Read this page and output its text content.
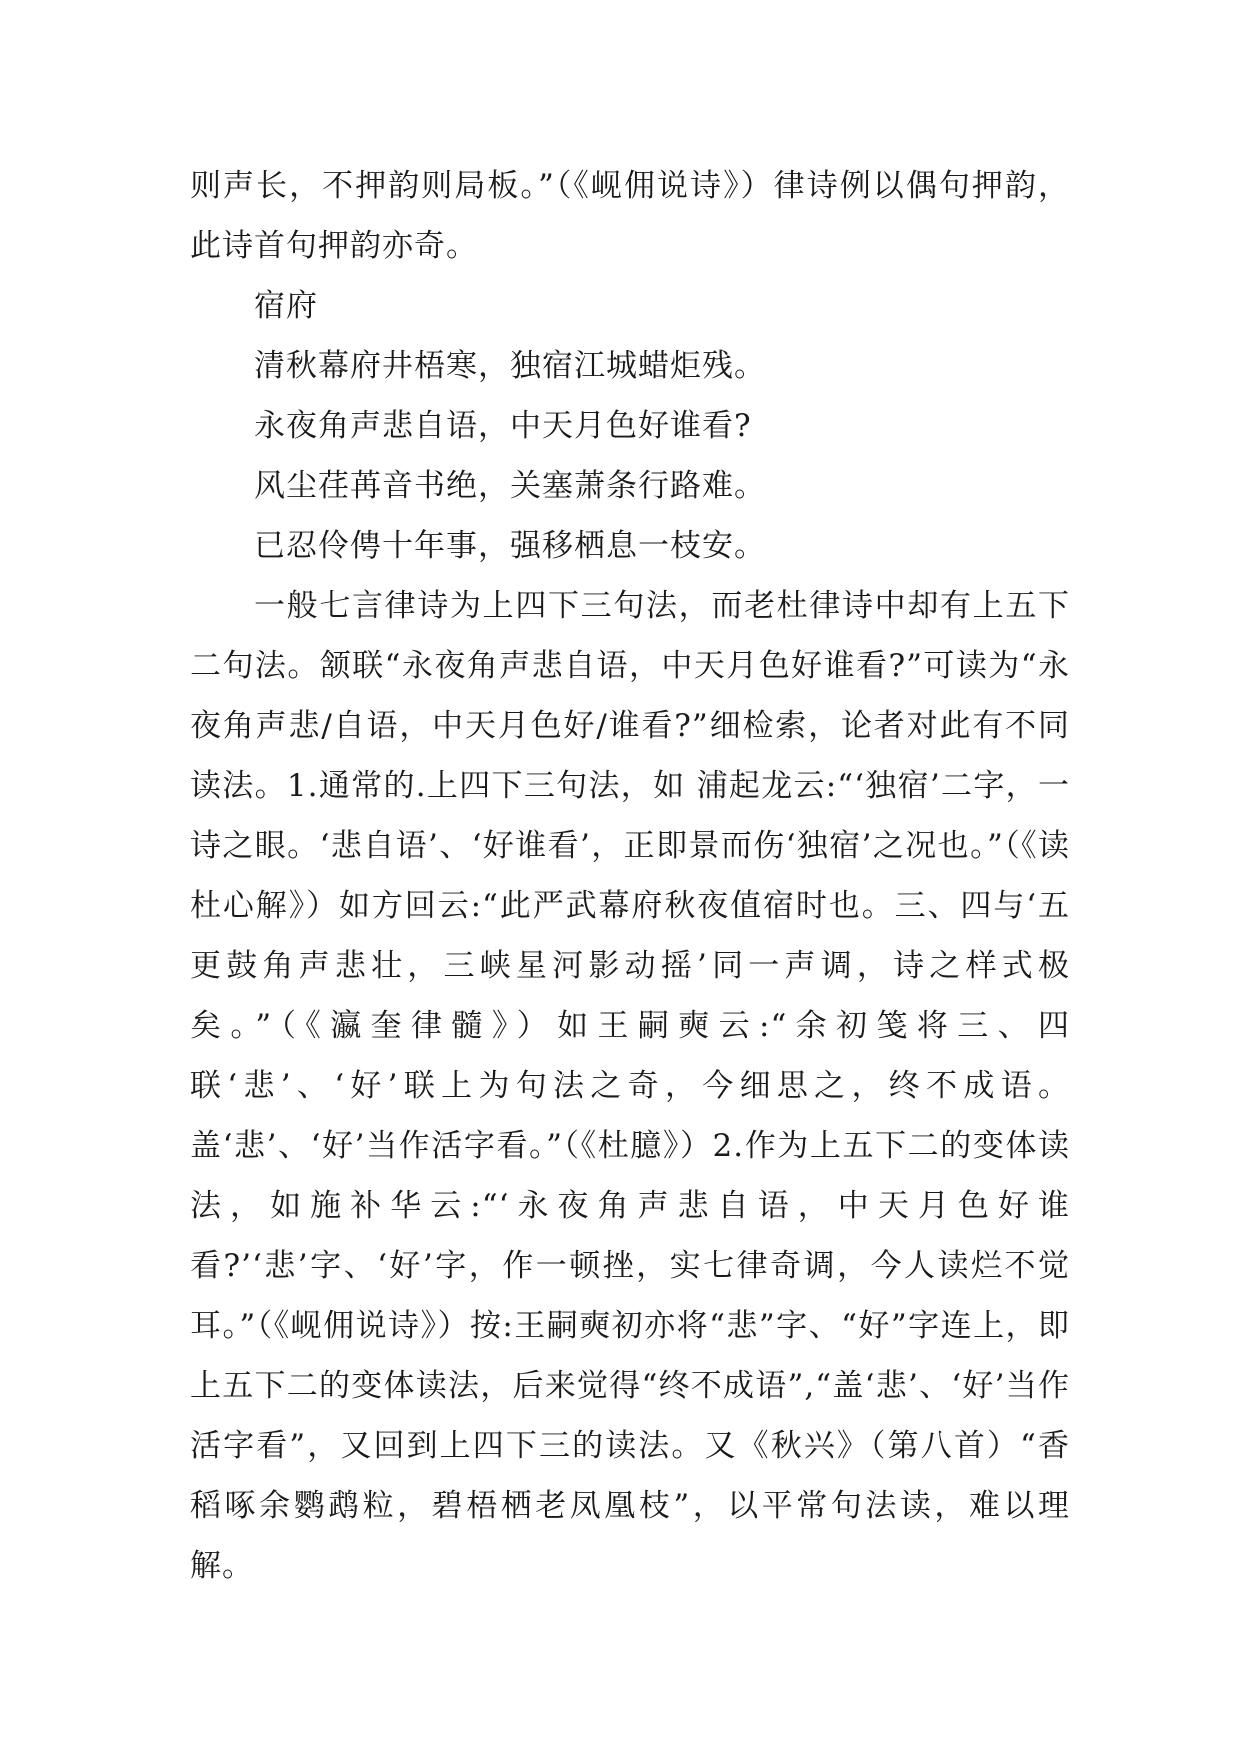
则声长，不押韵则局板。”（《岘佣说诗》）律诗例以偶句押韵，此诗首句押韵亦奇。

宿府

清秋幕府井梧寒，独宿江城蜡炬残。

永夜角声悲自语，中天月色好谁看?

风尘荏苒音书绝，关塞萧条行路难。

已忍伶俜十年事，强移栖息一枝安。

一般七言律诗为上四下三句法，而老杜律诗中却有上五下二句法。颔联“永夜角声悲自语，中天月色好谁看?”可读为“永夜角声悲/自语，中天月色好/谁看?”细检索，论者对此有不同读法。1.通常的.上四下三句法，如 浦起龙云:“‘独宿’二字，一诗之眼。‘悲自语’、‘好谁看’，正即景而伤‘独宿’之况也。”（《读杜心解》）如方回云:“此严武幕府秋夜值宿时也。三、四与‘五更鼓角声悲壮，三峡星河影动摇’同一声调，诗之样式极矣。”（《瀛奎律髓》）如王嗣奭云:“余初笺将三、四联‘悲’、‘好’联上为句法之奇，今细思之，终不成语。盖‘悲’、‘好’当作活字看。”（《杜臆》）2.作为上五下二的变体读法，如施补华云:“‘永夜角声悲自语，中天月色好谁看?’‘悲’字、‘好’字，作一顿挫，实七律奇调，今人读烂不觉耳。”（《岘佣说诗》）按:王嗣奭初亦将“悲”字、“好”字连上，即上五下二的变体读法，后来觉得“终不成语”,“盖‘悲’、‘好’当作活字看”，又回到上四下三的读法。又《秋兴》（第八首）“香稻啄余鹦鹉粒，碧梧栖老凤凰枝”，以平常句法读，难以理解。
